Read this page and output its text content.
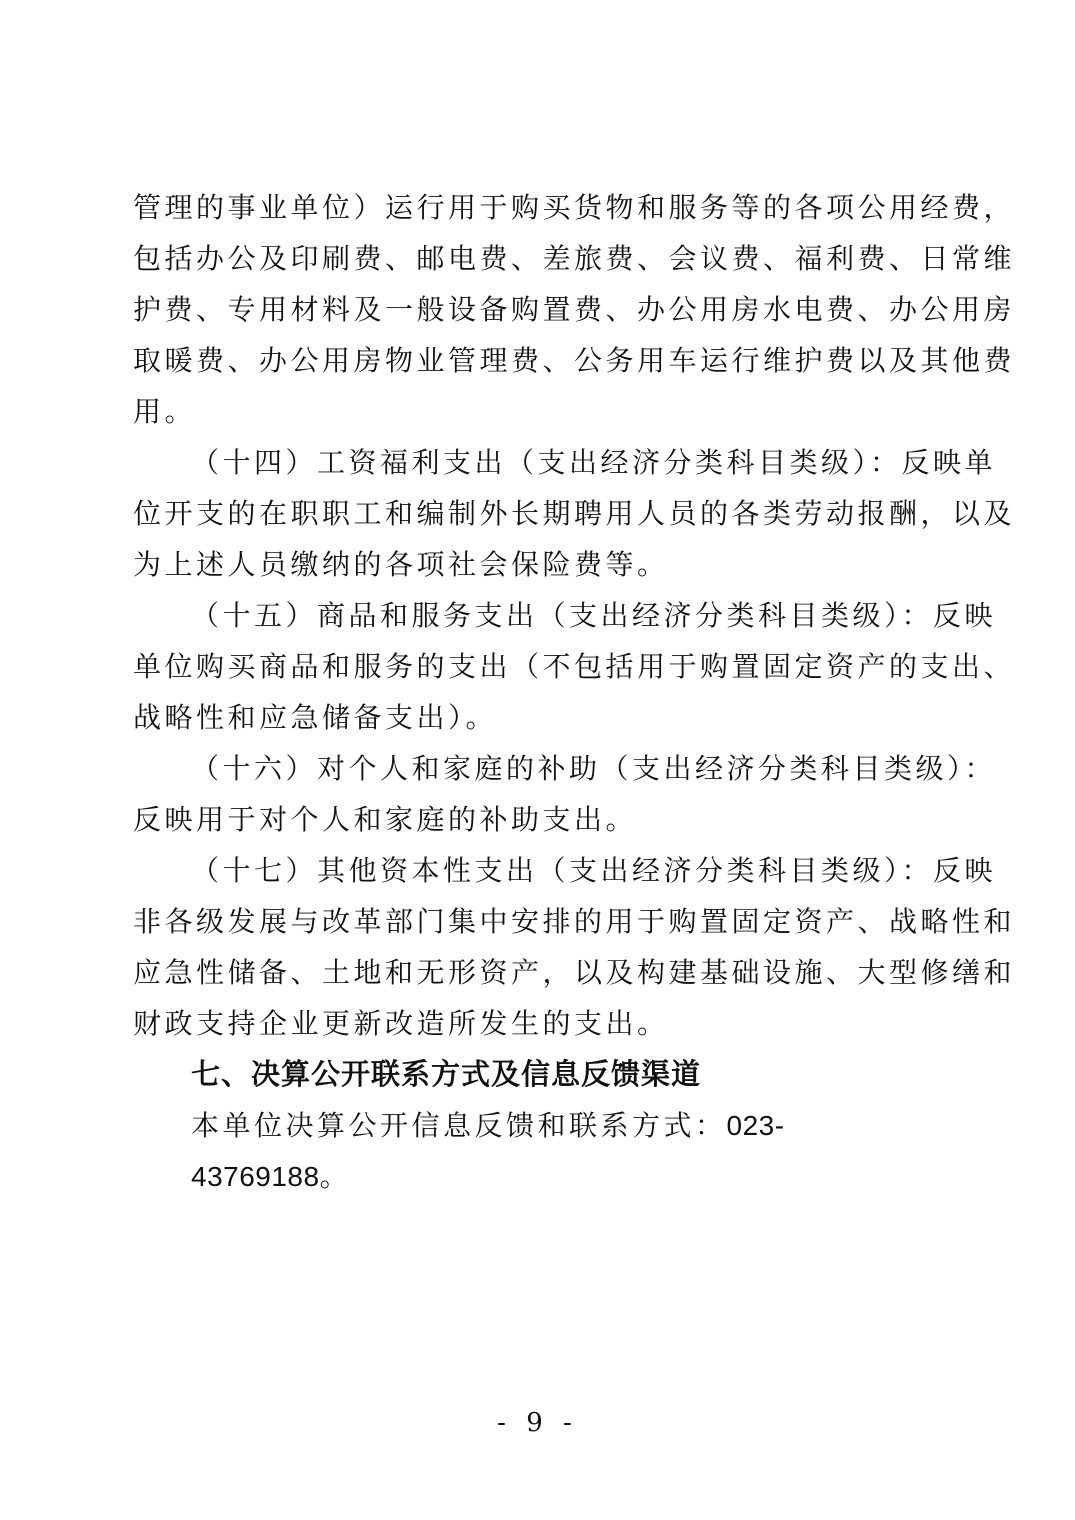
管理的事业单位）运行用于购买货物和服务等的各项公用经费，
包括办公及印刷费、邮电费、差旅费、会议费、福利费、日常维
护费、专用材料及一般设备购置费、办公用房水电费、办公用房
取暖费、办公用房物业管理费、公务用车运行维护费以及其他费
用。

（十四）工资福利支出（支出经济分类科目类级）：反映单
位开支的在职职工和编制外长期聘用人员的各类劳动报酬，以及
为上述人员缴纳的各项社会保险费等。

（十五）商品和服务支出（支出经济分类科目类级）：反映
单位购买商品和服务的支出（不包括用于购置固定资产的支出、
战略性和应急储备支出）。

（十六）对个人和家庭的补助（支出经济分类科目类级）：
反映用于对个人和家庭的补助支出。

（十七）其他资本性支出（支出经济分类科目类级）：反映
非各级发展与改革部门集中安排的用于购置固定资产、战略性和
应急性储备、土地和无形资产，以及构建基础设施、大型修缮和
财政支持企业更新改造所发生的支出。

七、决算公开联系方式及信息反馈渠道

本单位决算公开信息反馈和联系方式：023-43769188。

- 9 -
